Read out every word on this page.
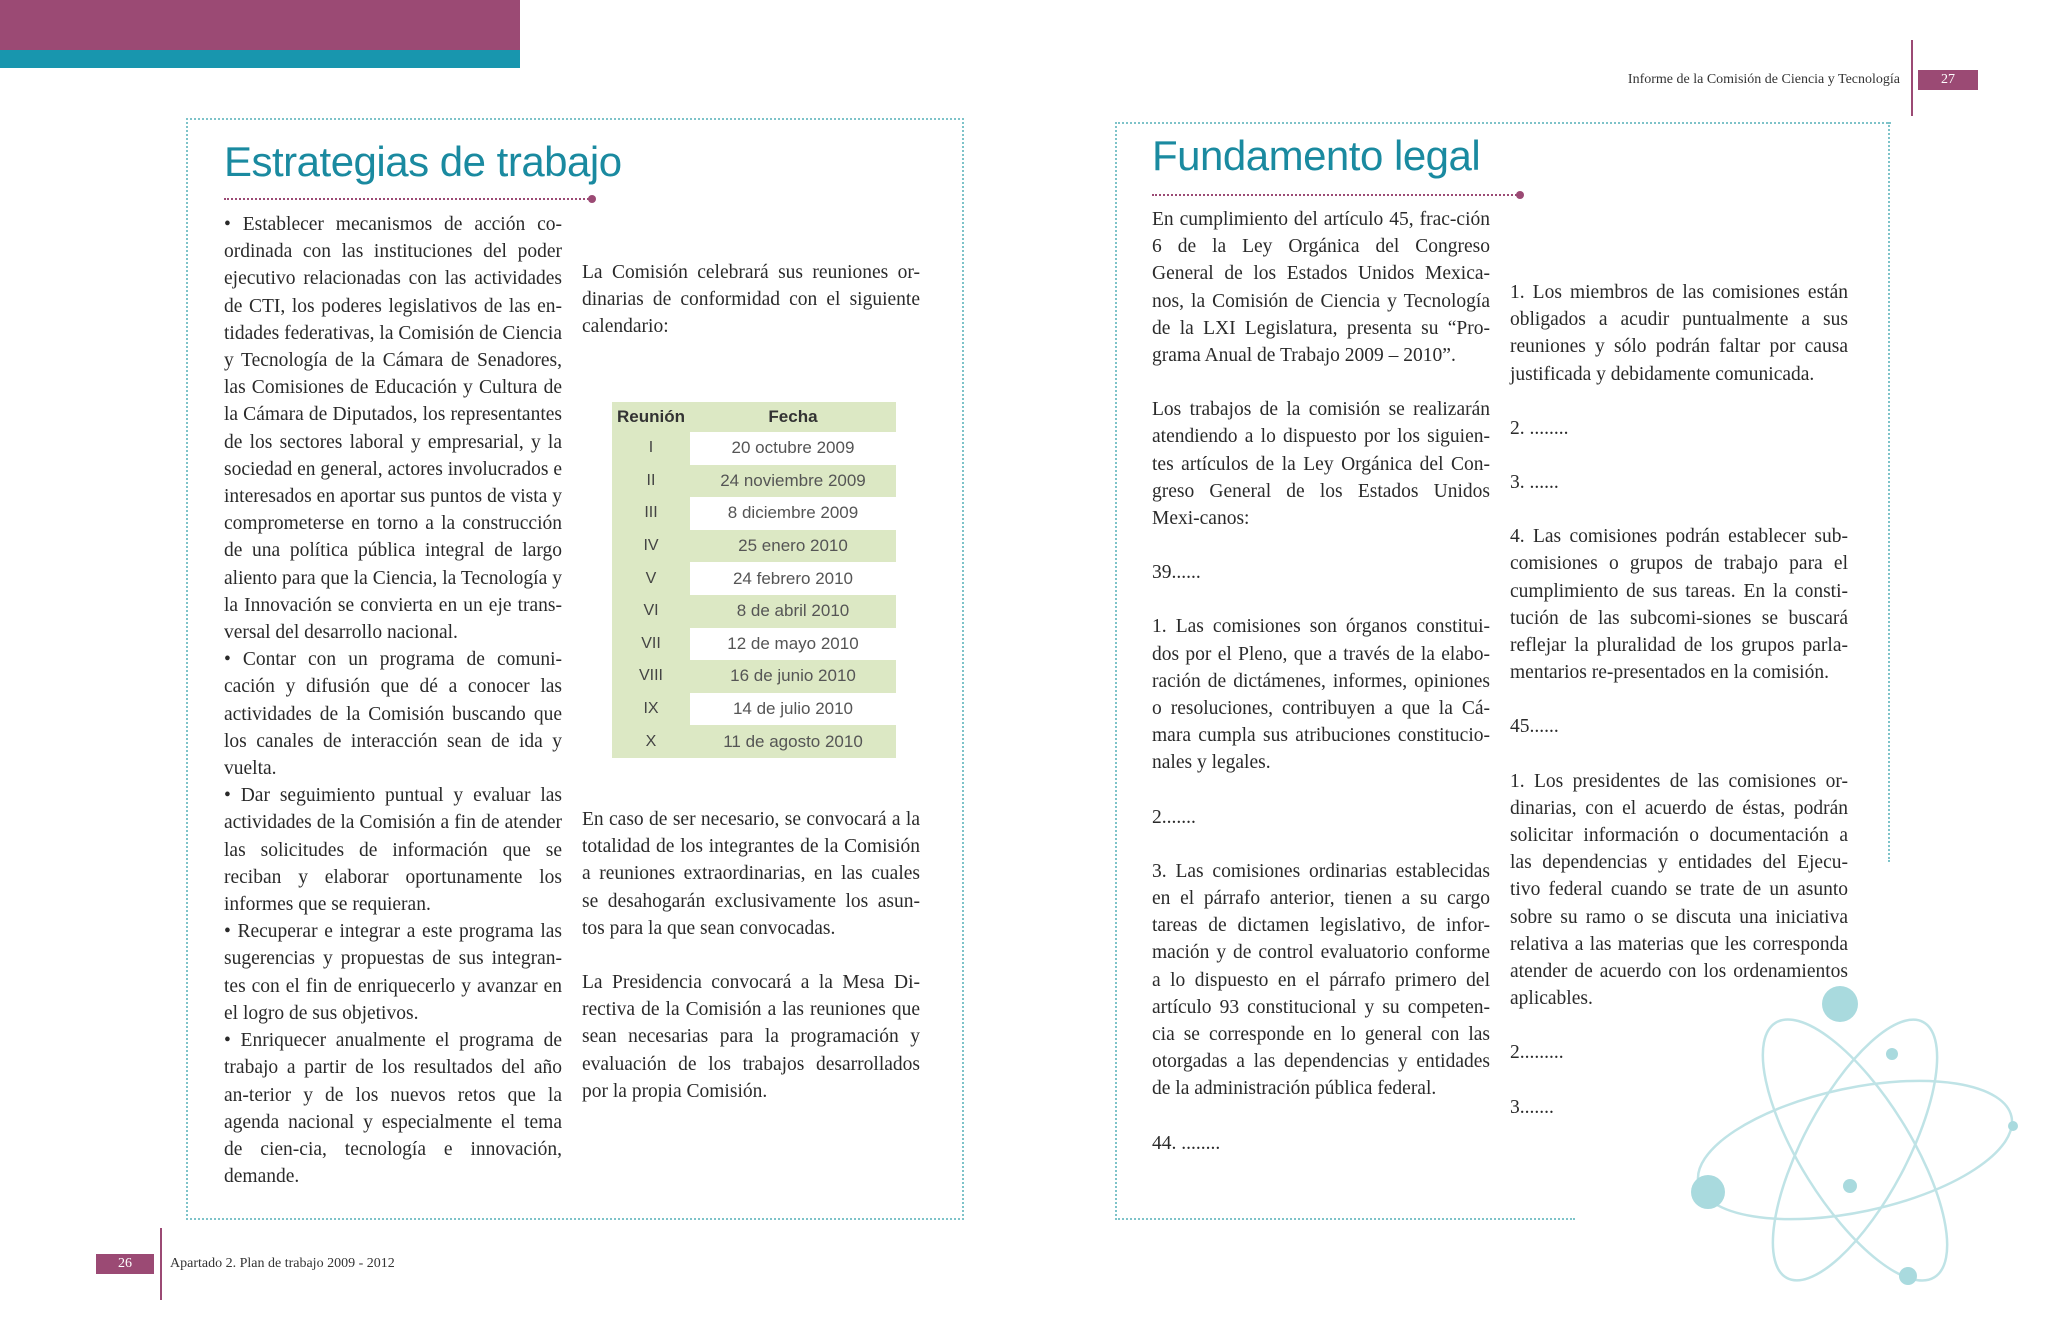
Informe de la Comisión de Ciencia y Tecnología	27
Estrategias de trabajo

• Establecer mecanismos de acción co-ordinada con las instituciones del poder ejecutivo relacionadas con las actividades de CTI, los poderes legislativos de las en-tidades federativas, la Comisión de Ciencia y Tecnología de la Cámara de Senadores, las Comisiones de Educación y Cultura de la Cámara de Diputados, los representantes de los sectores laboral y empresarial, y la sociedad en general, actores involucrados e interesados en aportar sus puntos de vista y comprometerse en torno a la construcción de una política pública integral de largo aliento para que la Ciencia, la Tecnología y la Innovación se convierta en un eje trans-versal del desarrollo nacional.

• Contar con un programa de comuni-cación y difusión que dé a conocer las actividades de la Comisión buscando que los canales de interacción sean de ida y vuelta.

• Dar seguimiento puntual y evaluar las actividades de la Comisión a fin de atender las solicitudes de información que se reciban y elaborar oportunamente los informes que se requieran.

• Recuperar e integrar a este programa las sugerencias y propuestas de sus integran-tes con el fin de enriquecerlo y avanzar en el logro de sus objetivos.

• Enriquecer anualmente el programa de trabajo a partir de los resultados del año an-terior y de los nuevos retos que la agenda nacional y especialmente el tema de cien-cia, tecnología e innovación, demande.

La Comisión celebrará sus reuniones or-dinarias de conformidad con el siguiente calendario:

Reunión	Fecha
I	20 octubre 2009
II	24 noviembre 2009
III	8 diciembre 2009
IV	25 enero 2010
V	24 febrero 2010
VI	8 de abril 2010
VII	12 de mayo 2010
VIII	16 de junio 2010
IX	14 de julio 2010
X	11 de agosto 2010

En caso de ser necesario, se convocará a la totalidad de los integrantes de la Comisión a reuniones extraordinarias, en las cuales se desahogarán exclusivamente los asun-tos para la que sean convocadas.

La Presidencia convocará a la Mesa Di-rectiva de la Comisión a las reuniones que sean necesarias para la programación y evaluación de los trabajos desarrollados por la propia Comisión.

26	Apartado 2. Plan de trabajo 2009 - 2012
Fundamento legal

En cumplimiento del artículo 45, frac-ción 6 de la Ley Orgánica del Congreso General de los Estados Unidos Mexica-nos, la Comisión de Ciencia y Tecnología de la LXI Legislatura, presenta su “Pro-grama Anual de Trabajo 2009 – 2010”.

Los trabajos de la comisión se realizarán atendiendo a lo dispuesto por los siguien-tes artículos de la Ley Orgánica del Con-greso General de los Estados Unidos Mexi-canos:

39......

1. Las comisiones son órganos constitui-dos por el Pleno, que a través de la elabo-ración de dictámenes, informes, opiniones o resoluciones, contribuyen a que la Cá-mara cumpla sus atribuciones constitucio-nales y legales.

2.......

3. Las comisiones ordinarias establecidas en el párrafo anterior, tienen a su cargo tareas de dictamen legislativo, de infor-mación y de control evaluatorio conforme a lo dispuesto en el párrafo primero del artículo 93 constitucional y su competen-cia se corresponde en lo general con las otorgadas a las dependencias y entidades de la administración pública federal.

44. ........

1. Los miembros de las comisiones están obligados a acudir puntualmente a sus reuniones y sólo podrán faltar por causa justificada y debidamente comunicada.

2. ........

3. ......

4. Las comisiones podrán establecer sub-comisiones o grupos de trabajo para el cumplimiento de sus tareas. En la consti-tución de las subcomi-siones se buscará reflejar la pluralidad de los grupos parla-mentarios re-presentados en la comisión.

45......

1. Los presidentes de las comisiones or-dinarias, con el acuerdo de éstas, podrán solicitar información o documentación a las dependencias y entidades del Ejecu-tivo federal cuando se trate de un asunto sobre su ramo o se discuta una iniciativa relativa a las materias que les corresponda atender de acuerdo con los ordenamientos aplicables.

2.........

3.......
